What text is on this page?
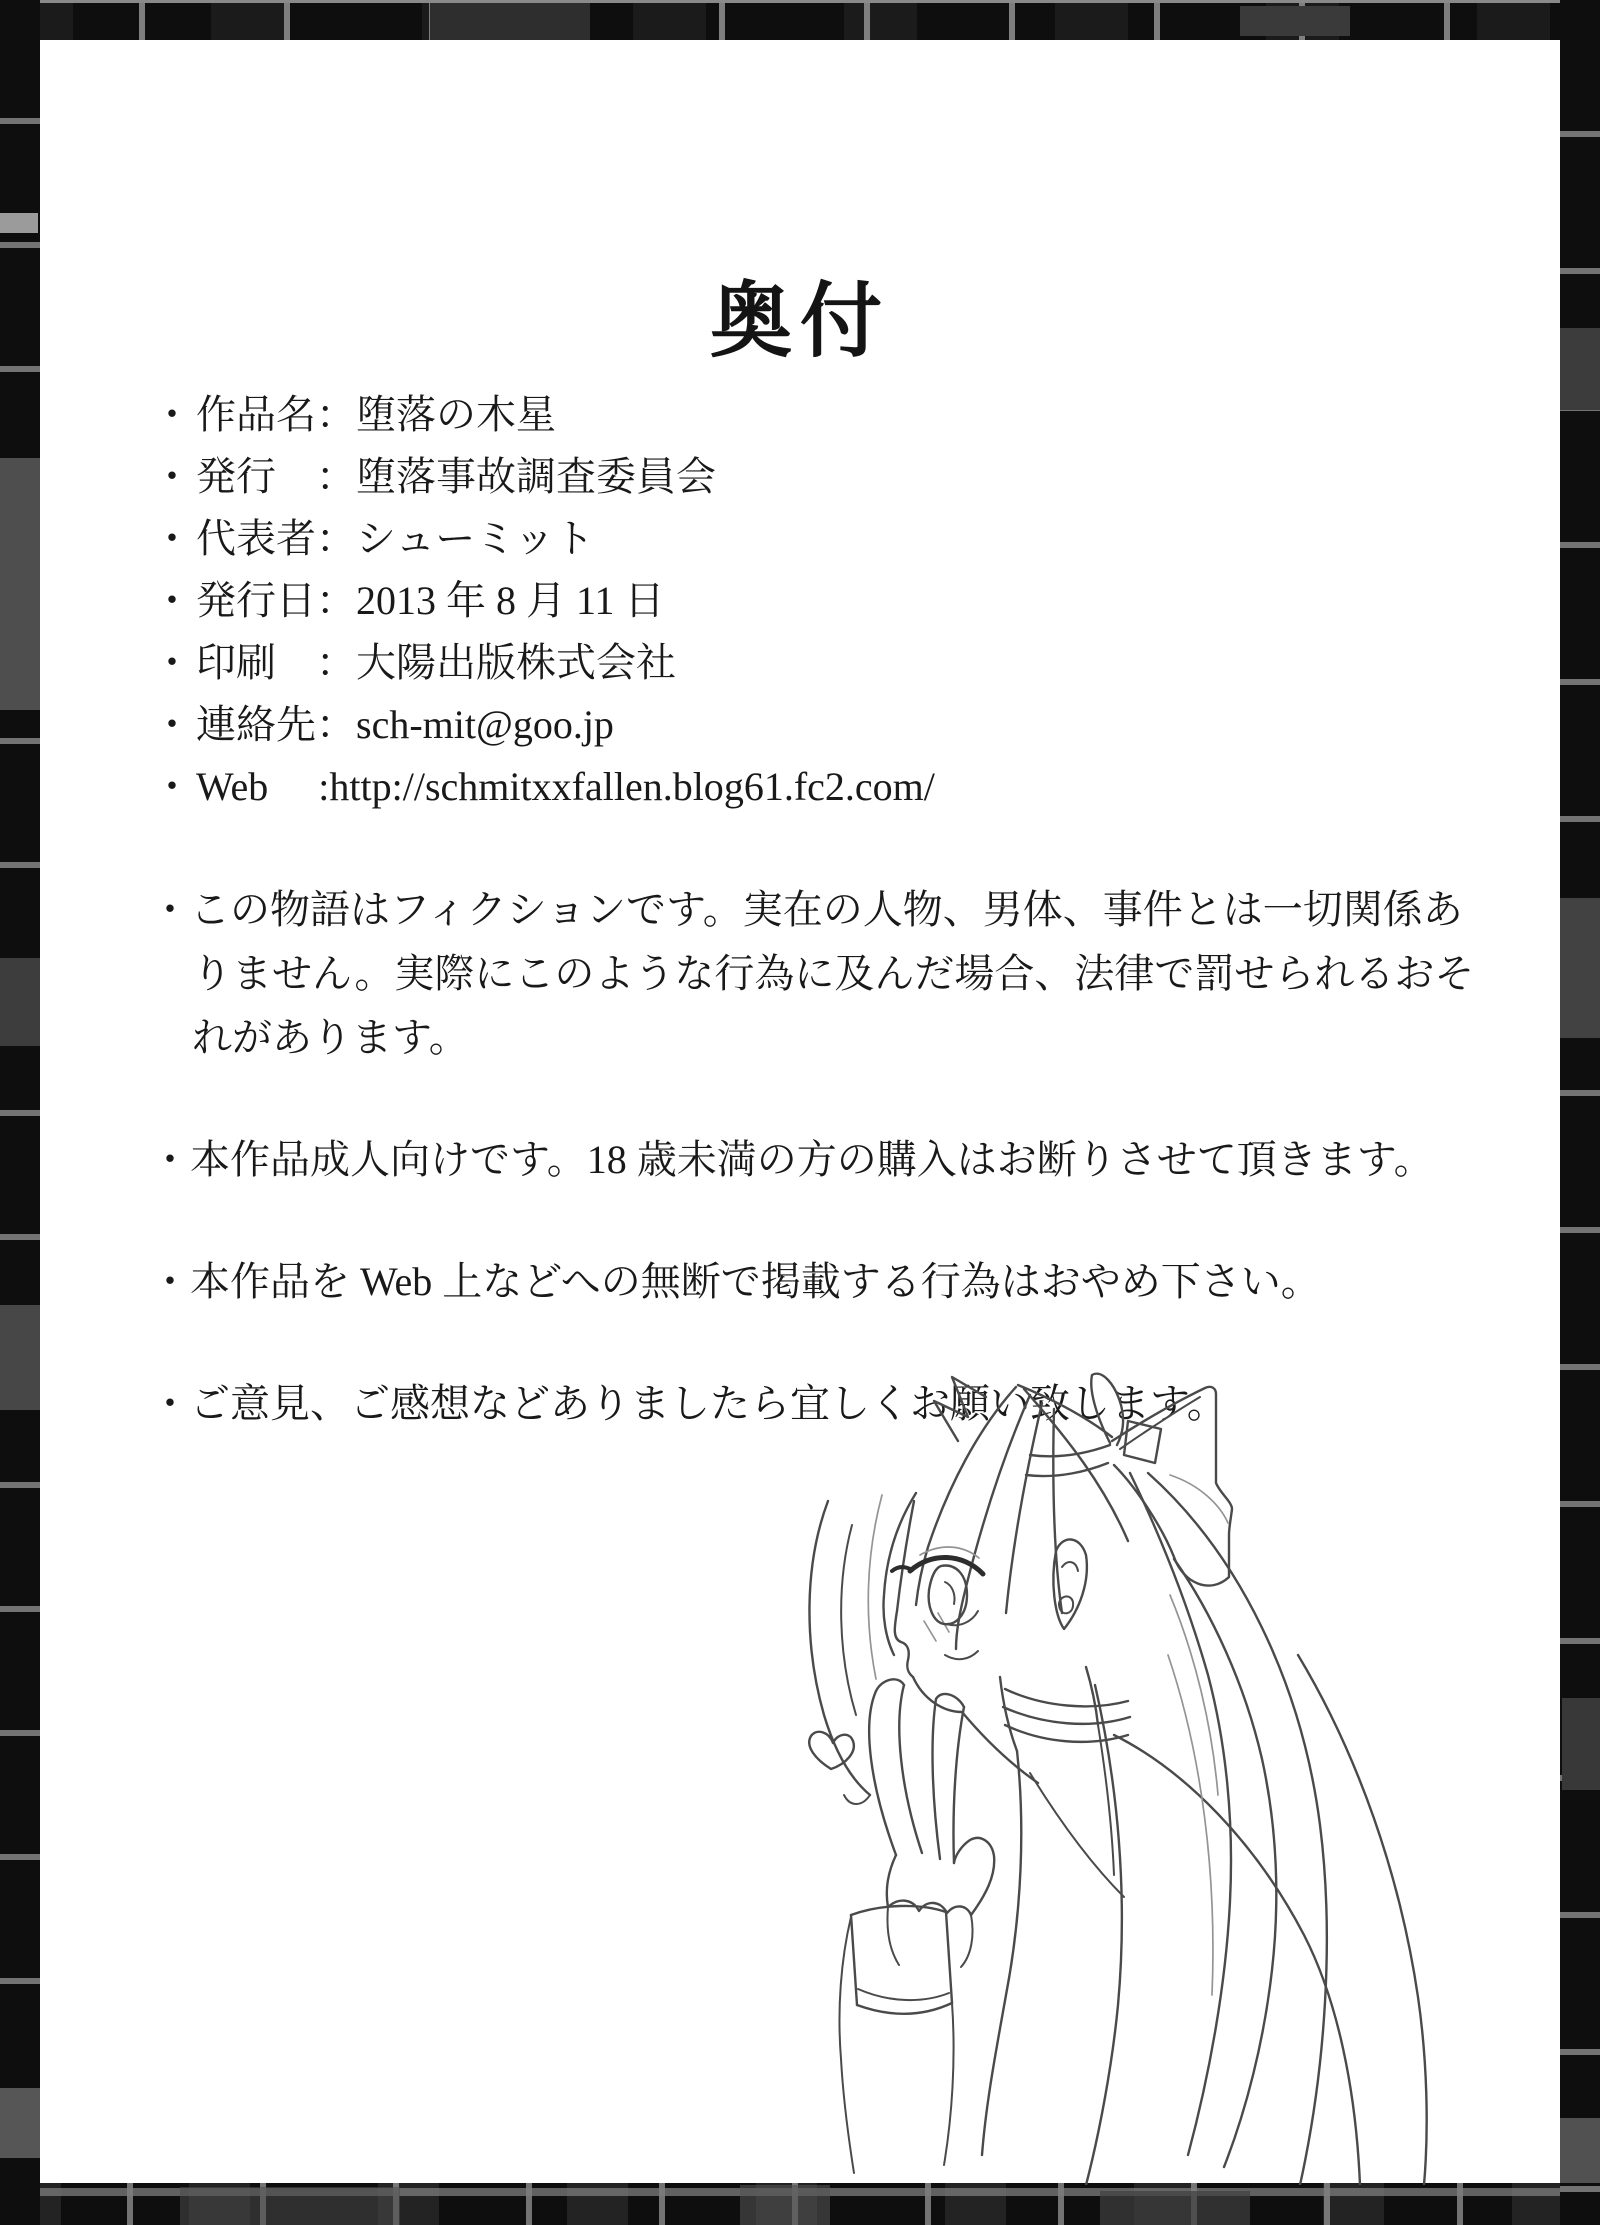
奥付
・ 作品名：堕落の木星
・ 発行　：堕落事故調査委員会
・ 代表者：シューミット
・ 発行日：2013 年 8 月 11 日
・ 印刷　：大陽出版株式会社
・ 連絡先：sch-mit@goo.jp
・ Web　 :http://schmitxxfallen.blog61.fc2.com/

・この物語はフィクションです。実在の人物、男体、事件とは一切関係ありません。実際にこのような行為に及んだ場合、法律で罰せられるおそれがあります。

・本作品成人向けです。18 歳未満の方の購入はお断りさせて頂きます。

・本作品を Web 上などへの無断で掲載する行為はおやめ下さい。

・ご意見、ご感想などありましたら宜しくお願い致します。
